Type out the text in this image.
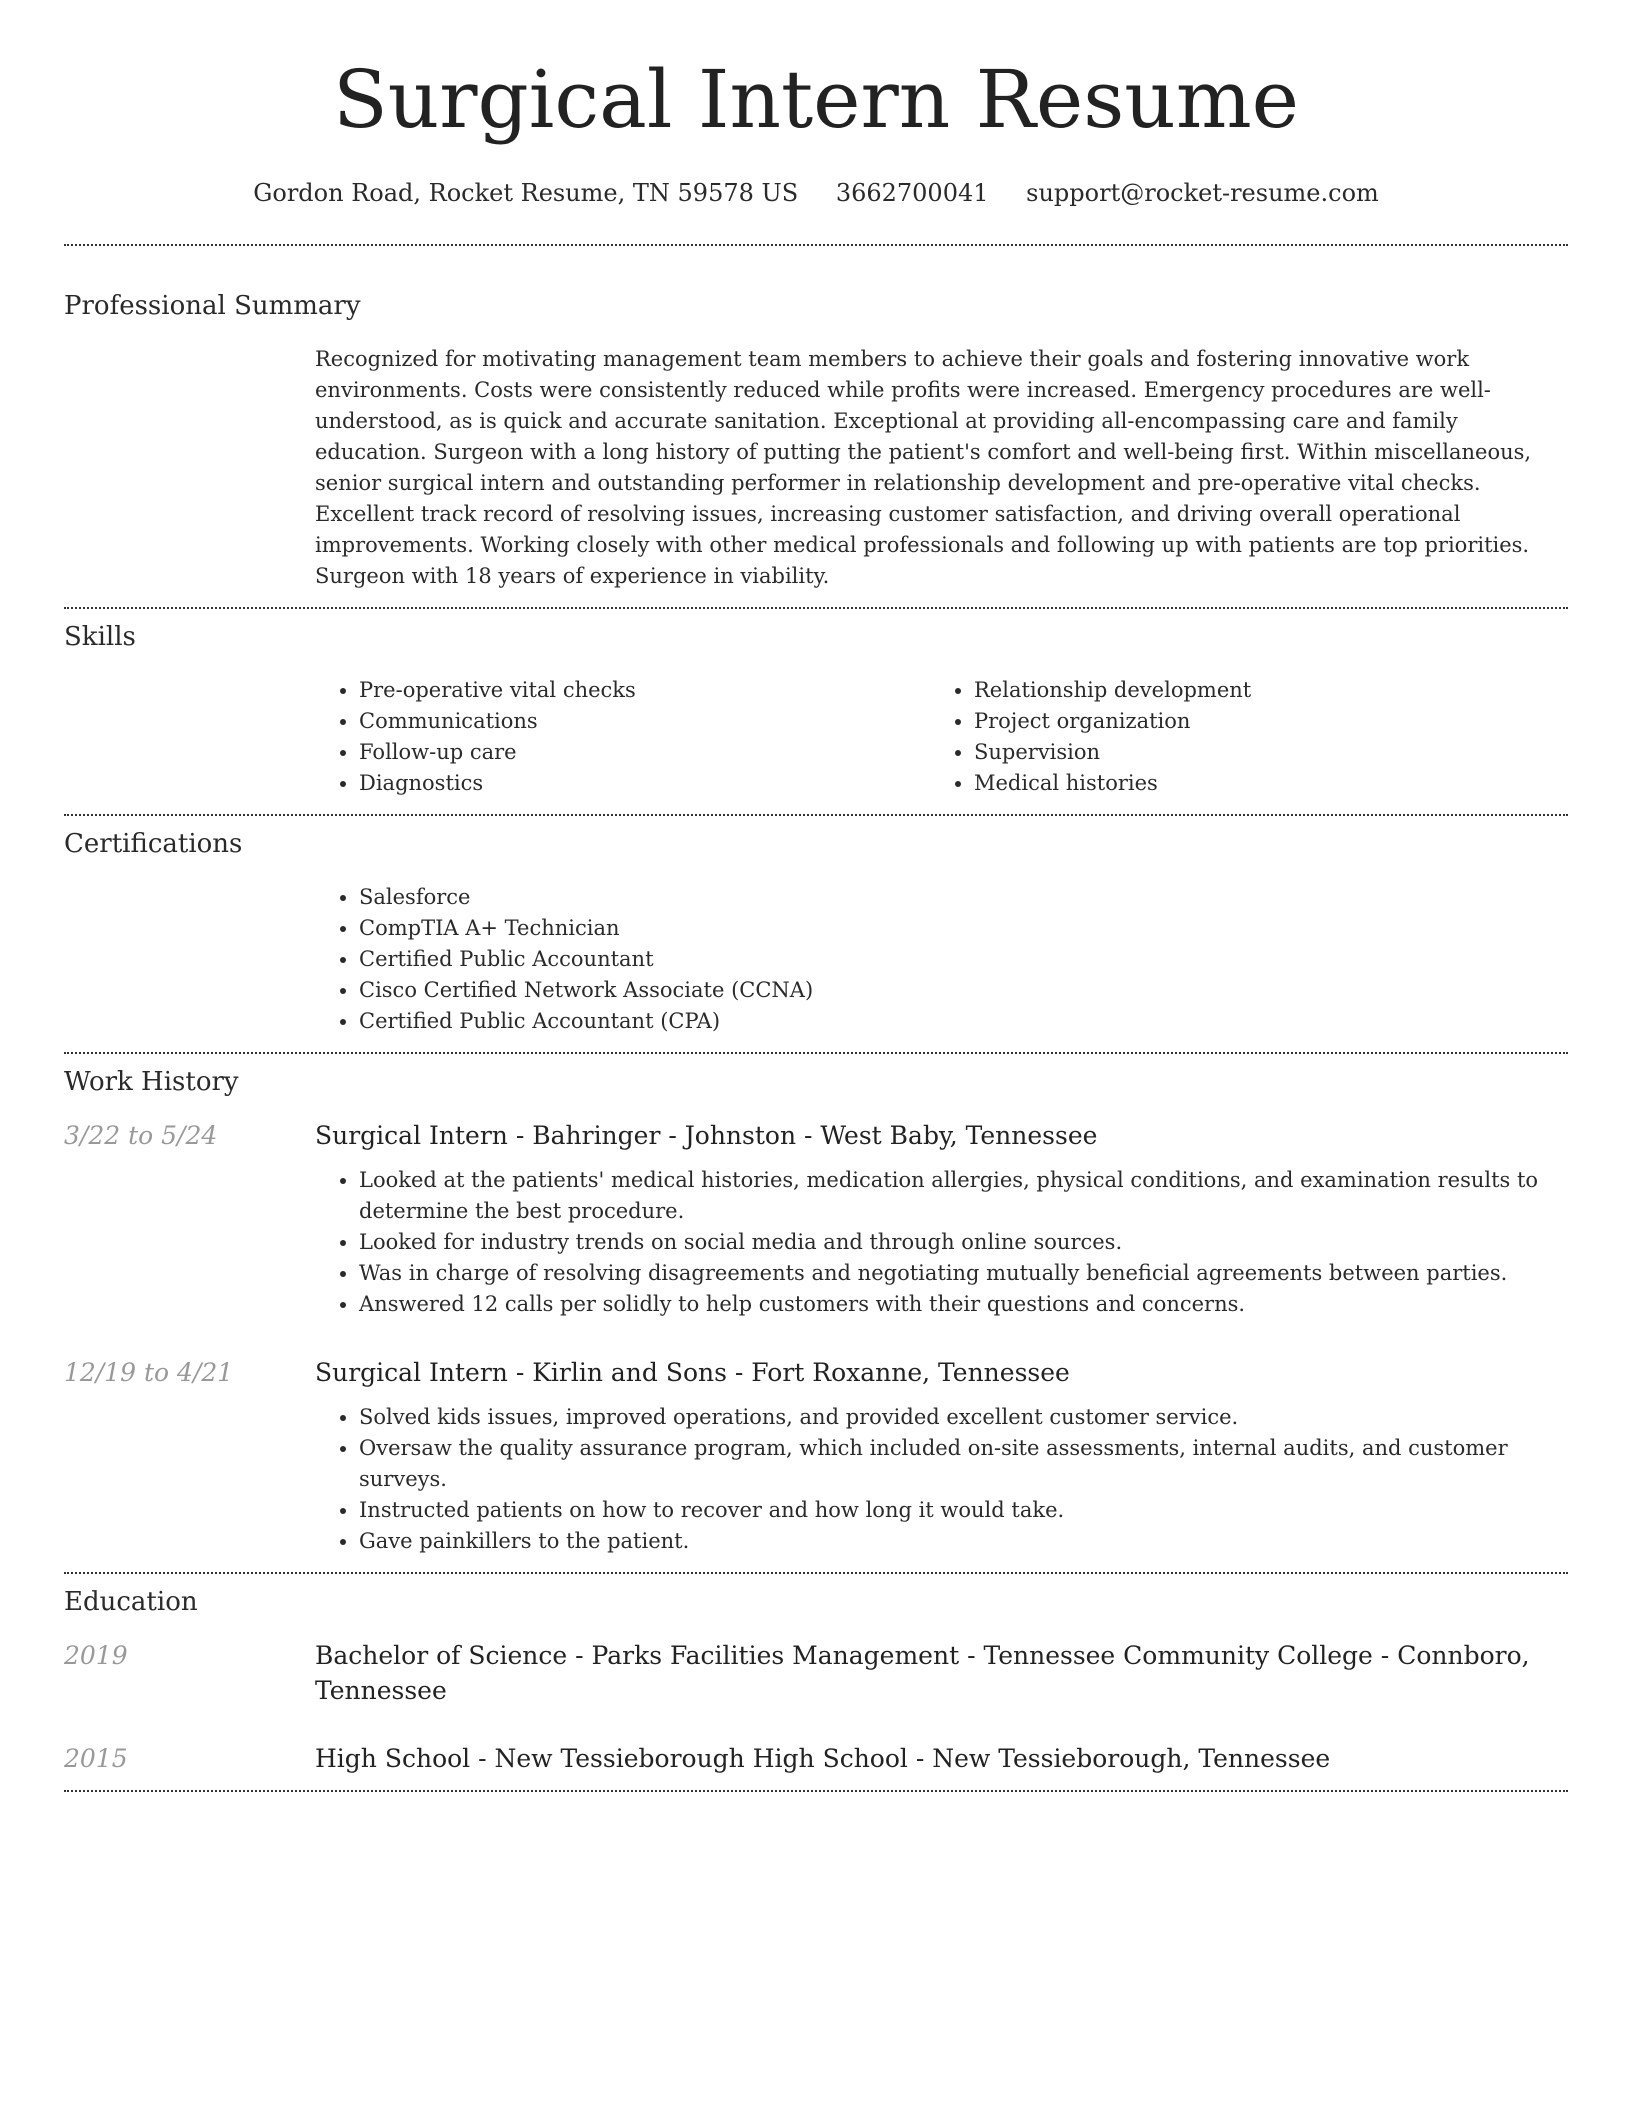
Surgical Intern Resume
Gordon Road, Rocket Resume, TN 59578 US 3662700041 support@rocket-resume.com
Professional Summary

Recognized for motivating management team members to achieve their goals and fostering innovative work environments. Costs were consistently reduced while profits were increased. Emergency procedures are well-understood, as is quick and accurate sanitation. Exceptional at providing all-encompassing care and family education. Surgeon with a long history of putting the patient's comfort and well-being first. Within miscellaneous, senior surgical intern and outstanding performer in relationship development and pre-operative vital checks. Excellent track record of resolving issues, increasing customer satisfaction, and driving overall operational improvements. Working closely with other medical professionals and following up with patients are top priorities. Surgeon with 18 years of experience in viability.

Skills
• Pre-operative vital checks
• Communications
• Follow-up care
• Diagnostics
• Relationship development
• Project organization
• Supervision
• Medical histories
Certifications
• Salesforce
• CompTIA A+ Technician
• Certified Public Accountant
• Cisco Certified Network Associate (CCNA)
• Certified Public Accountant (CPA)
Work History
3/22 to 5/24	Surgical Intern - Bahringer - Johnston - West Baby, Tennessee
• Looked at the patients' medical histories, medication allergies, physical conditions, and examination results to determine the best procedure.
• Looked for industry trends on social media and through online sources.
• Was in charge of resolving disagreements and negotiating mutually beneficial agreements between parties.
• Answered 12 calls per solidly to help customers with their questions and concerns.
12/19 to 4/21	Surgical Intern - Kirlin and Sons - Fort Roxanne, Tennessee
• Solved kids issues, improved operations, and provided excellent customer service.
• Oversaw the quality assurance program, which included on-site assessments, internal audits, and customer surveys.
• Instructed patients on how to recover and how long it would take.
• Gave painkillers to the patient.
Education
2019	Bachelor of Science - Parks Facilities Management - Tennessee Community College - Connboro, Tennessee
2015	High School - New Tessieborough High School - New Tessieborough, Tennessee
